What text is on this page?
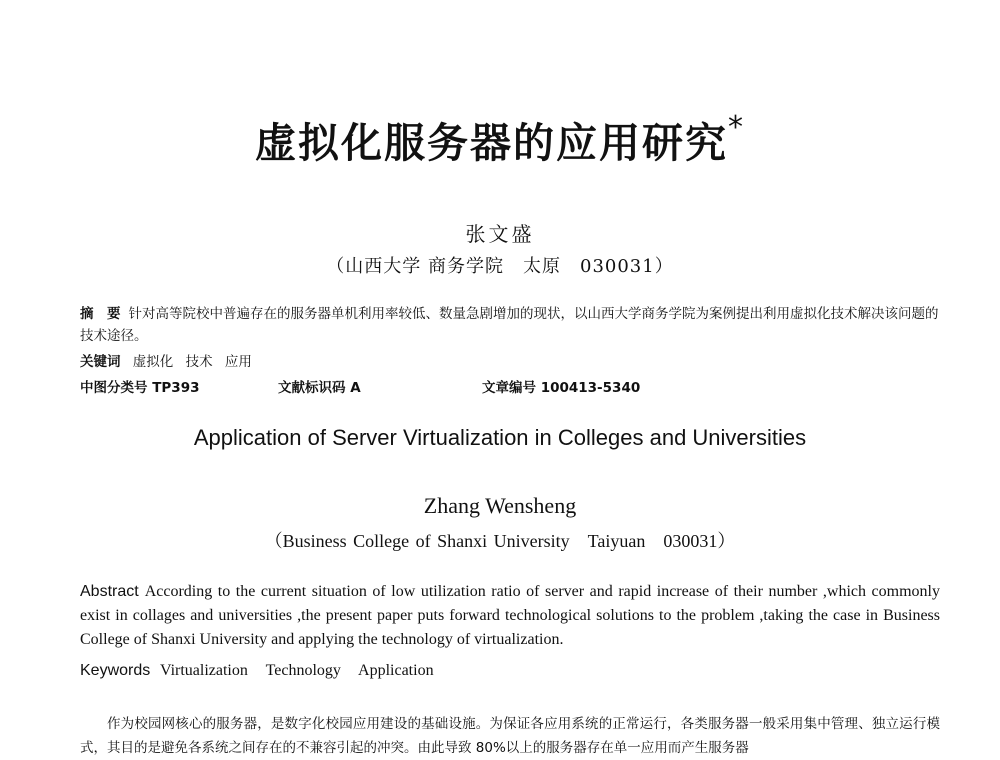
虚拟化服务器的应用研究*
张文盛
（山西大学 商务学院　太原　030031）
摘　要 针对高等院校中普遍存在的服务器单机利用率较低、数量急剧增加的现状，以山西大学商务学院为案例提出利用虚拟化技术解决该问题的技术途径。
关键词 虚拟化 技术 应用
中图分类号 TP393	文献标识码 A	文章编号 100413-5340
Application of Server Virtualization in Colleges and Universities
Zhang Wensheng
（Business College of Shanxi University　Taiyuan　030031）
Abstract According to the current situation of low utilization ratio of server and rapid increase of their number ,which commonly exist in collages and universities ,the present paper puts forward technological solutions to the problem ,taking the case in Business College of Shanxi University and applying the technology of virtualization.
Keywords Virtualization Technology Application
作为校园网核心的服务器，是数字化校园应用建设的基础设施。为保证各应用系统的正常运行，各类服务器一般采用集中管理、独立运行模式，其目的是避免各系统之间存在的不兼容引起的冲突。由此导致 80%以上的服务器存在单一应用而产生服务器
